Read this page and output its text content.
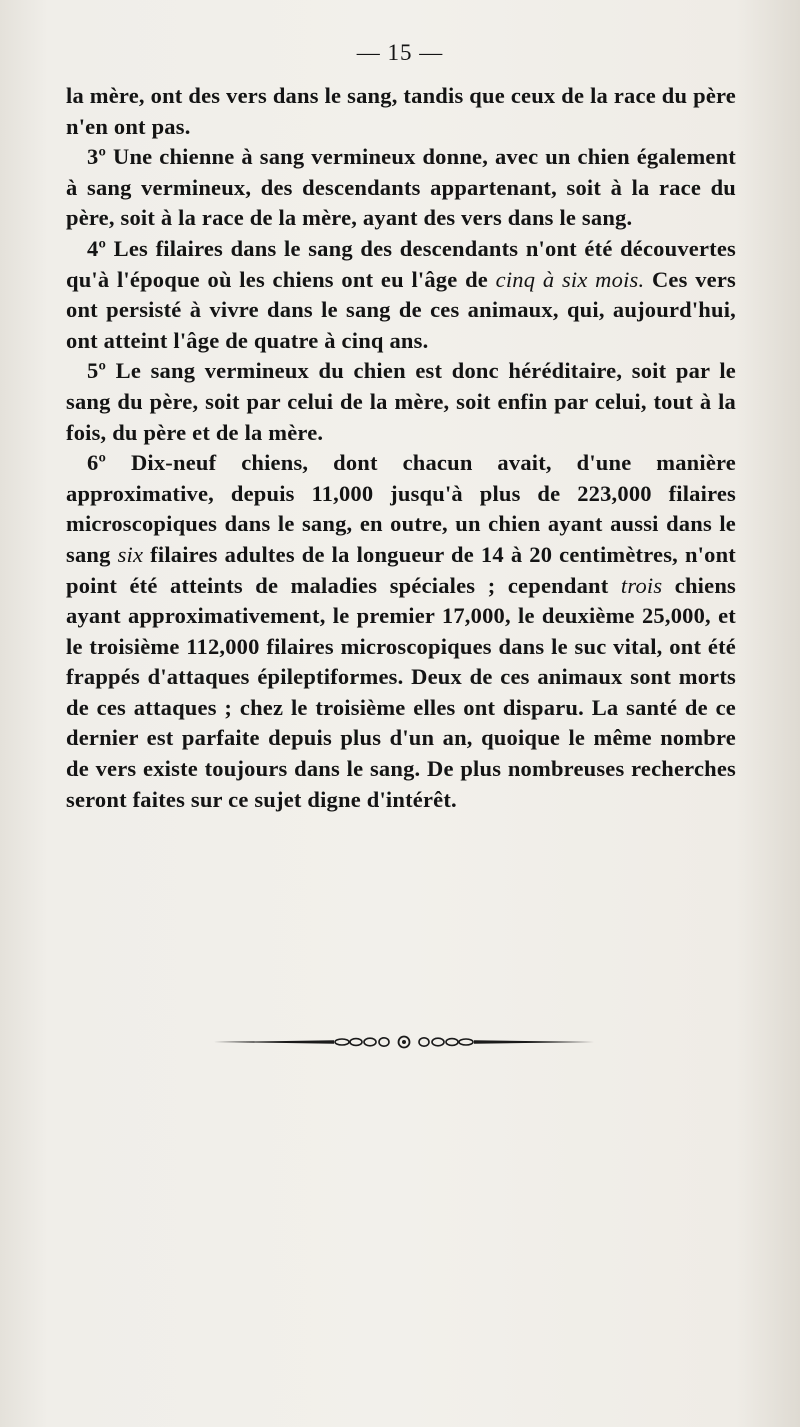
— 15 —

la mère, ont des vers dans le sang, tandis que ceux de la race du père n'en ont pas.

3º Une chienne à sang vermineux donne, avec un chien également à sang vermineux, des descendants appartenant, soit à la race du père, soit à la race de la mère, ayant des vers dans le sang.

4º Les filaires dans le sang des descendants n'ont été découvertes qu'à l'époque où les chiens ont eu l'âge de cinq à six mois. Ces vers ont persisté à vivre dans le sang de ces animaux, qui, aujourd'hui, ont atteint l'âge de quatre à cinq ans.

5º Le sang vermineux du chien est donc héréditaire, soit par le sang du père, soit par celui de la mère, soit enfin par celui, tout à la fois, du père et de la mère.

6º Dix-neuf chiens, dont chacun avait, d'une manière approximative, depuis 11,000 jusqu'à plus de 223,000 filaires microscopiques dans le sang, en outre, un chien ayant aussi dans le sang six filaires adultes de la longueur de 14 à 20 centimètres, n'ont point été atteints de maladies spéciales ; cependant trois chiens ayant approximativement, le premier 17,000, le deuxième 25,000, et le troisième 112,000 filaires microscopiques dans le suc vital, ont été frappés d'attaques épileptiformes. Deux de ces animaux sont morts de ces attaques ; chez le troisième elles ont disparu. La santé de ce dernier est parfaite depuis plus d'un an, quoique le même nombre de vers existe toujours dans le sang. De plus nombreuses recherches seront faites sur ce sujet digne d'intérêt.
